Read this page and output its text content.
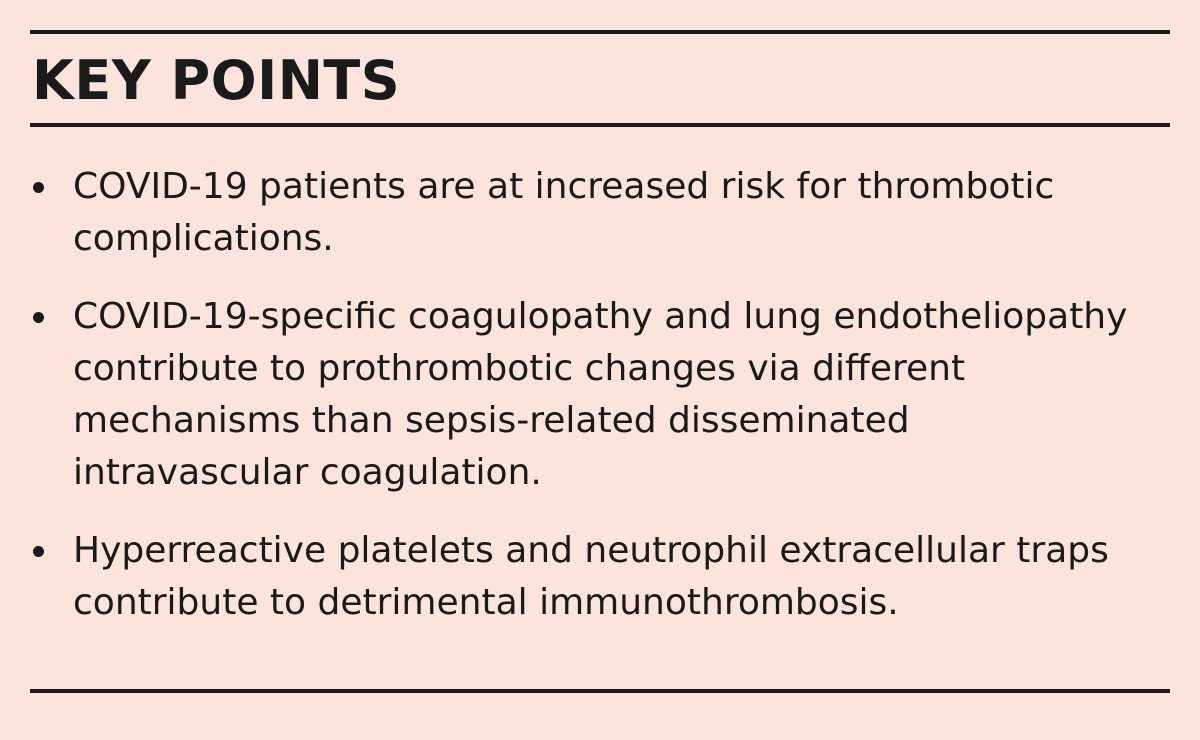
KEY POINTS
COVID-19 patients are at increased risk for thrombotic complications.
COVID-19-specific coagulopathy and lung endotheliopathy contribute to prothrombotic changes via different mechanisms than sepsis-related disseminated intravascular coagulation.
Hyperreactive platelets and neutrophil extracellular traps contribute to detrimental immunothrombosis.
